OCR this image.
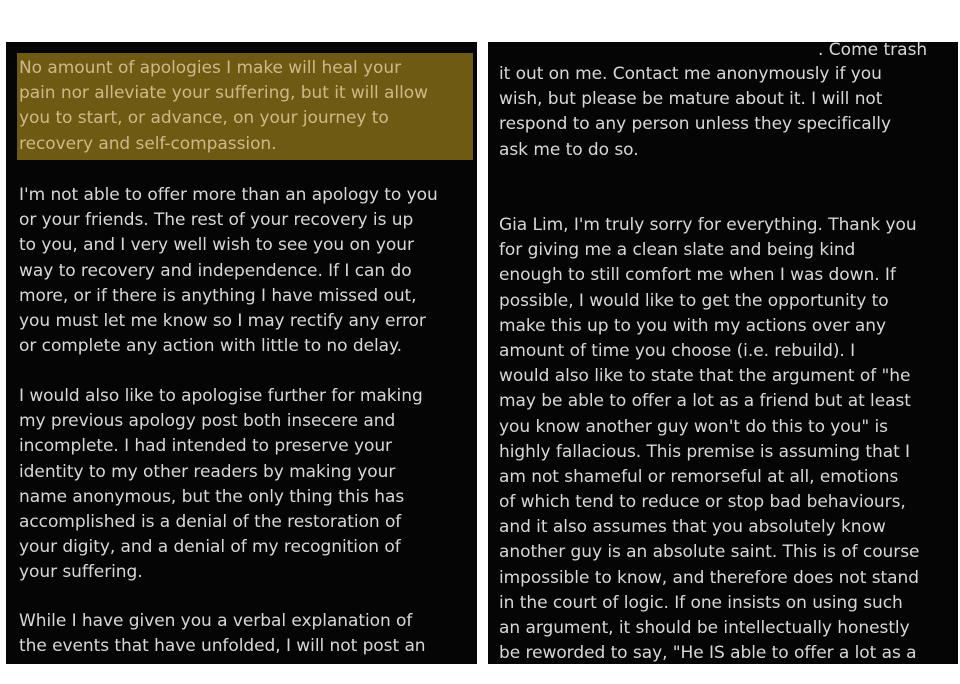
No amount of apologies I make will heal your
pain nor alleviate your suffering, but it will allow
you to start, or advance, on your journey to
recovery and self-compassion.
I'm not able to offer more than an apology to you
or your friends. The rest of your recovery is up
to you, and I very well wish to see you on your
way to recovery and independence. If I can do
more, or if there is anything I have missed out,
you must let me know so I may rectify any error
or complete any action with little to no delay.
I would also like to apologise further for making
my previous apology post both insecere and
incomplete. I had intended to preserve your
identity to my other readers by making your
name anonymous, but the only thing this has
accomplished is a denial of the restoration of
your digity, and a denial of my recognition of
your suffering.
While I have given you a verbal explanation of
the events that have unfolded, I will not post an
. Come trash
it out on me. Contact me anonymously if you
wish, but please be mature about it. I will not
respond to any person unless they specifically
ask me to do so.
Gia Lim, I'm truly sorry for everything. Thank you
for giving me a clean slate and being kind
enough to still comfort me when I was down. If
possible, I would like to get the opportunity to
make this up to you with my actions over any
amount of time you choose (i.e. rebuild). I
would also like to state that the argument of "he
may be able to offer a lot as a friend but at least
you know another guy won't do this to you" is
highly fallacious. This premise is assuming that I
am not shameful or remorseful at all, emotions
of which tend to reduce or stop bad behaviours,
and it also assumes that you absolutely know
another guy is an absolute saint. This is of course
impossible to know, and therefore does not stand
in the court of logic. If one insists on using such
an argument, it should be intellectually honestly
be reworded to say, "He IS able to offer a lot as a
